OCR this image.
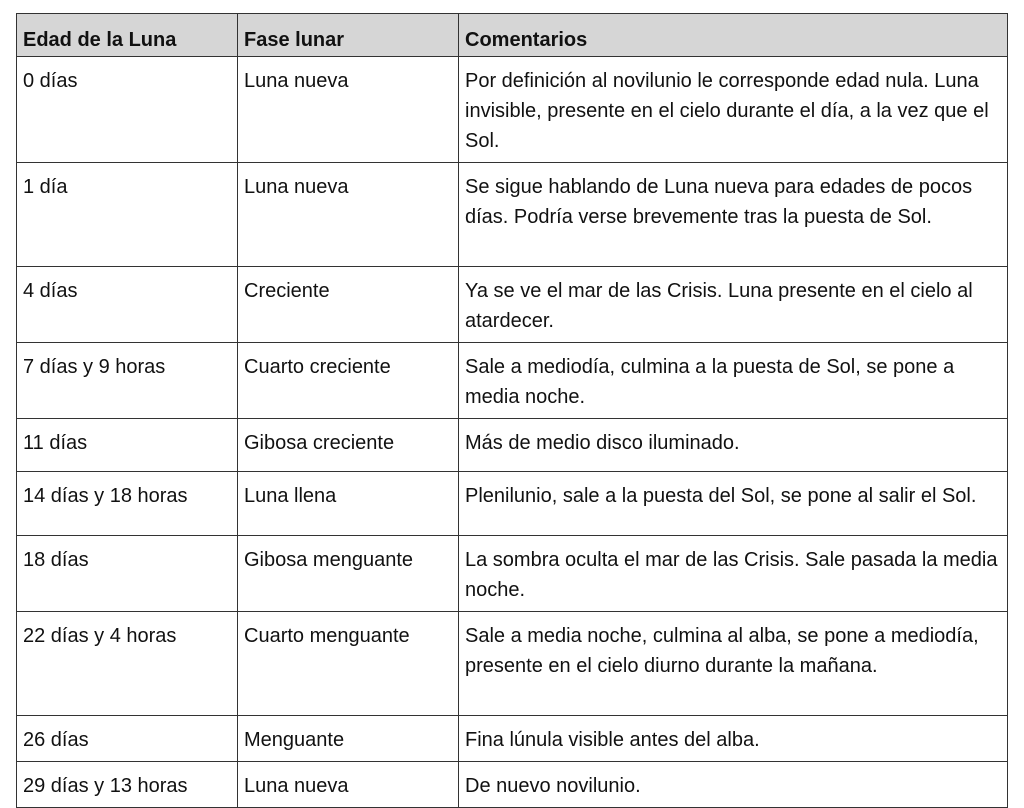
Edad de la Luna	Fase lunar	Comentarios
0 días	Luna nueva	Por definición al novilunio le corresponde edad nula. Luna invisible, presente en el cielo durante el día, a la vez que el Sol.
1 día	Luna nueva	Se sigue hablando de Luna nueva para edades de pocos días. Podría verse brevemente tras la puesta de Sol.
4 días	Creciente	Ya se ve el mar de las Crisis. Luna presente en el cielo al atardecer.
7 días y 9 horas	Cuarto creciente	Sale a mediodía, culmina a la puesta de Sol, se pone a media noche.
11 días	Gibosa creciente	Más de medio disco iluminado.
14 días y 18 horas	Luna llena	Plenilunio, sale a la puesta del Sol, se pone al salir el Sol.
18 días	Gibosa menguante	La sombra oculta el mar de las Crisis. Sale pasada la media noche.
22 días y 4 horas	Cuarto menguante	Sale a media noche, culmina al alba, se pone a mediodía, presente en el cielo diurno durante la mañana.
26 días	Menguante	Fina lúnula visible antes del alba.
29 días y 13 horas	Luna nueva	De nuevo novilunio.
